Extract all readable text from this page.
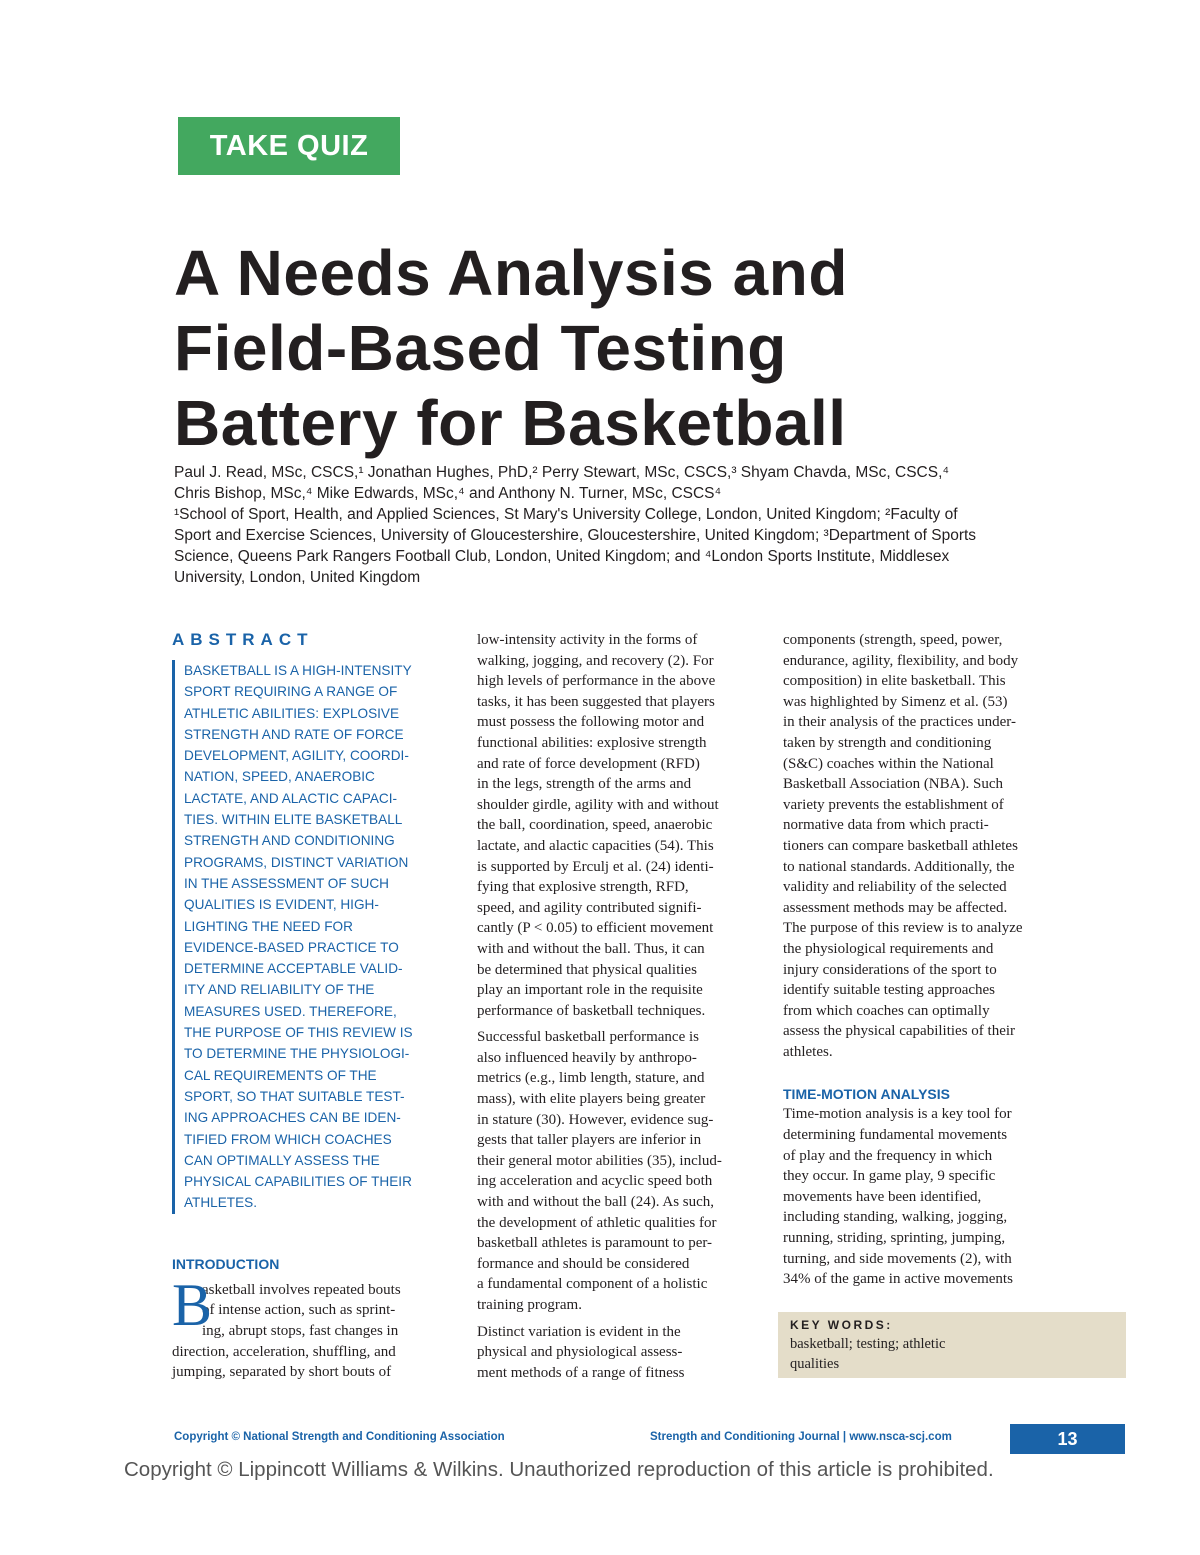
TAKE QUIZ
A Needs Analysis and
Field-Based Testing
Battery for Basketball
Paul J. Read, MSc, CSCS,¹ Jonathan Hughes, PhD,² Perry Stewart, MSc, CSCS,³ Shyam Chavda, MSc, CSCS,⁴
Chris Bishop, MSc,⁴ Mike Edwards, MSc,⁴ and Anthony N. Turner, MSc, CSCS⁴
¹School of Sport, Health, and Applied Sciences, St Mary's University College, London, United Kingdom; ²Faculty of
Sport and Exercise Sciences, University of Gloucestershire, Gloucestershire, United Kingdom; ³Department of Sports
Science, Queens Park Rangers Football Club, London, United Kingdom; and ⁴London Sports Institute, Middlesex
University, London, United Kingdom
ABSTRACT
BASKETBALL IS A HIGH-INTENSITY
SPORT REQUIRING A RANGE OF
ATHLETIC ABILITIES: EXPLOSIVE
STRENGTH AND RATE OF FORCE
DEVELOPMENT, AGILITY, COORDI-
NATION, SPEED, ANAEROBIC
LACTATE, AND ALACTIC CAPACI-
TIES. WITHIN ELITE BASKETBALL
STRENGTH AND CONDITIONING
PROGRAMS, DISTINCT VARIATION
IN THE ASSESSMENT OF SUCH
QUALITIES IS EVIDENT, HIGH-
LIGHTING THE NEED FOR
EVIDENCE-BASED PRACTICE TO
DETERMINE ACCEPTABLE VALID-
ITY AND RELIABILITY OF THE
MEASURES USED. THEREFORE,
THE PURPOSE OF THIS REVIEW IS
TO DETERMINE THE PHYSIOLOGI-
CAL REQUIREMENTS OF THE
SPORT, SO THAT SUITABLE TEST-
ING APPROACHES CAN BE IDEN-
TIFIED FROM WHICH COACHES
CAN OPTIMALLY ASSESS THE
PHYSICAL CAPABILITIES OF THEIR
ATHLETES.
INTRODUCTION
B
asketball involves repeated bouts
of intense action, such as sprint-
ing, abrupt stops, fast changes in
direction, acceleration, shuffling, and
jumping, separated by short bouts of
low-intensity activity in the forms of
walking, jogging, and recovery (2). For
high levels of performance in the above
tasks, it has been suggested that players
must possess the following motor and
functional abilities: explosive strength
and rate of force development (RFD)
in the legs, strength of the arms and
shoulder girdle, agility with and without
the ball, coordination, speed, anaerobic
lactate, and alactic capacities (54). This
is supported by Erculj et al. (24) identi-
fying that explosive strength, RFD,
speed, and agility contributed signifi-
cantly (P < 0.05) to efficient movement
with and without the ball. Thus, it can
be determined that physical qualities
play an important role in the requisite
performance of basketball techniques.
Successful basketball performance is
also influenced heavily by anthropo-
metrics (e.g., limb length, stature, and
mass), with elite players being greater
in stature (30). However, evidence sug-
gests that taller players are inferior in
their general motor abilities (35), includ-
ing acceleration and acyclic speed both
with and without the ball (24). As such,
the development of athletic qualities for
basketball athletes is paramount to per-
formance and should be considered
a fundamental component of a holistic
training program.
Distinct variation is evident in the
physical and physiological assess-
ment methods of a range of fitness
components (strength, speed, power,
endurance, agility, flexibility, and body
composition) in elite basketball. This
was highlighted by Simenz et al. (53)
in their analysis of the practices under-
taken by strength and conditioning
(S&C) coaches within the National
Basketball Association (NBA). Such
variety prevents the establishment of
normative data from which practi-
tioners can compare basketball athletes
to national standards. Additionally, the
validity and reliability of the selected
assessment methods may be affected.
The purpose of this review is to analyze
the physiological requirements and
injury considerations of the sport to
identify suitable testing approaches
from which coaches can optimally
assess the physical capabilities of their
athletes.
TIME-MOTION ANALYSIS
Time-motion analysis is a key tool for
determining fundamental movements
of play and the frequency in which
they occur. In game play, 9 specific
movements have been identified,
including standing, walking, jogging,
running, striding, sprinting, jumping,
turning, and side movements (2), with
34% of the game in active movements
KEY WORDS:
basketball; testing; athletic
qualities
Copyright © National Strength and Conditioning Association	Strength and Conditioning Journal | www.nsca-scj.com	13
Copyright © Lippincott Williams & Wilkins. Unauthorized reproduction of this article is prohibited.
